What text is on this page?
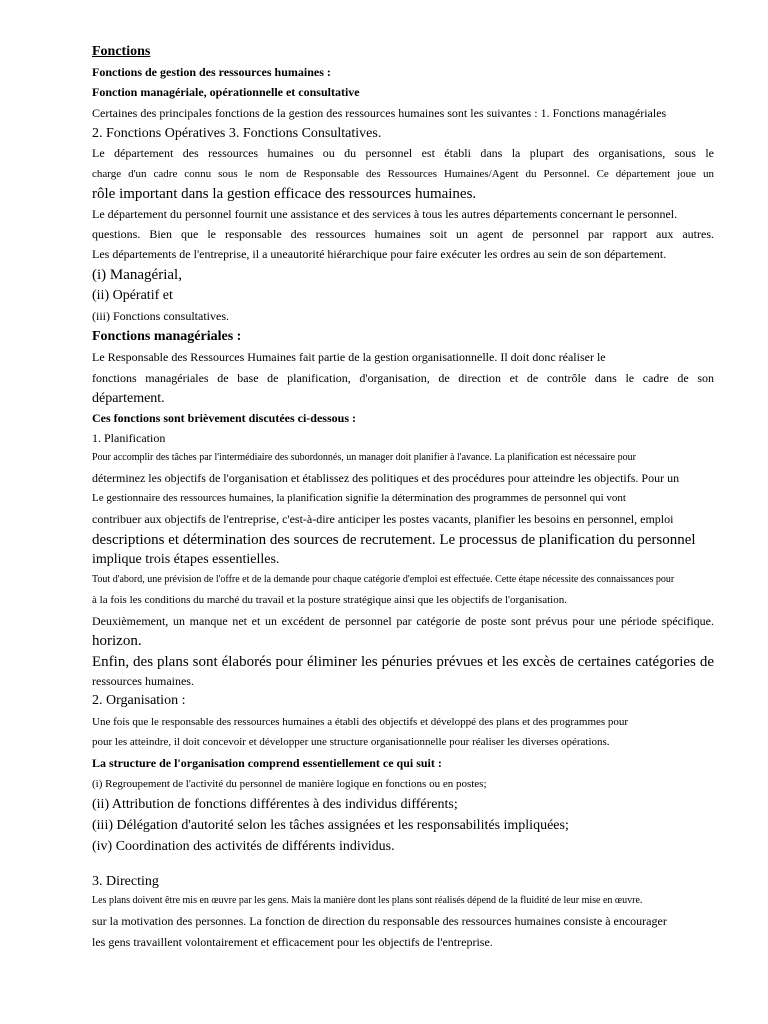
Fonctions

Fonctions de gestion des ressources humaines :

Fonction managériale, opérationnelle et consultative

Certaines des principales fonctions de la gestion des ressources humaines sont les suivantes : 1. Fonctions managériales

2. Fonctions Opératives 3. Fonctions Consultatives.

Le département des ressources humaines ou du personnel est établi dans la plupart des organisations, sous le

charge d'un cadre connu sous le nom de Responsable des Ressources Humaines/Agent du Personnel. Ce département joue un

rôle important dans la gestion efficace des ressources humaines.

Le département du personnel fournit une assistance et des services à tous les autres départements concernant le personnel.

questions. Bien que le responsable des ressources humaines soit un agent de personnel par rapport aux autres.

Les départements de l'entreprise, il a uneautorité hiérarchique pour faire exécuter les ordres au sein de son département.

(i) Managérial,

(ii) Opératif et

(iii) Fonctions consultatives.

Fonctions managériales :

Le Responsable des Ressources Humaines fait partie de la gestion organisationnelle. Il doit donc réaliser le

fonctions managériales de base de planification, d'organisation, de direction et de contrôle dans le cadre de son

département.

Ces fonctions sont brièvement discutées ci-dessous :

1. Planification

Pour accomplir des tâches par l'intermédiaire des subordonnés, un manager doit planifier à l'avance. La planification est nécessaire pour

déterminez les objectifs de l'organisation et établissez des politiques et des procédures pour atteindre les objectifs. Pour un

Le gestionnaire des ressources humaines, la planification signifie la détermination des programmes de personnel qui vont

contribuer aux objectifs de l'entreprise, c'est-à-dire anticiper les postes vacants, planifier les besoins en personnel, emploi

descriptions et détermination des sources de recrutement. Le processus de planification du personnel

implique trois étapes essentielles.

Tout d'abord, une prévision de l'offre et de la demande pour chaque catégorie d'emploi est effectuée. Cette étape nécessite des connaissances pour

à la fois les conditions du marché du travail et la posture stratégique ainsi que les objectifs de l'organisation.

Deuxièmement, un manque net et un excédent de personnel par catégorie de poste sont prévus pour une période spécifique.

horizon.

Enfin, des plans sont élaborés pour éliminer les pénuries prévues et les excès de certaines catégories de

ressources humaines.

2. Organisation :

Une fois que le responsable des ressources humaines a établi des objectifs et développé des plans et des programmes pour

pour les atteindre, il doit concevoir et développer une structure organisationnelle pour réaliser les diverses opérations.

La structure de l'organisation comprend essentiellement ce qui suit :

(i) Regroupement de l'activité du personnel de manière logique en fonctions ou en postes;

(ii) Attribution de fonctions différentes à des individus différents;

(iii) Délégation d'autorité selon les tâches assignées et les responsabilités impliquées;

(iv) Coordination des activités de différents individus.

3. Directing

Les plans doivent être mis en œuvre par les gens. Mais la manière dont les plans sont réalisés dépend de la fluidité de leur mise en œuvre.

sur la motivation des personnes. La fonction de direction du responsable des ressources humaines consiste à encourager

les gens travaillent volontairement et efficacement pour les objectifs de l'entreprise.
